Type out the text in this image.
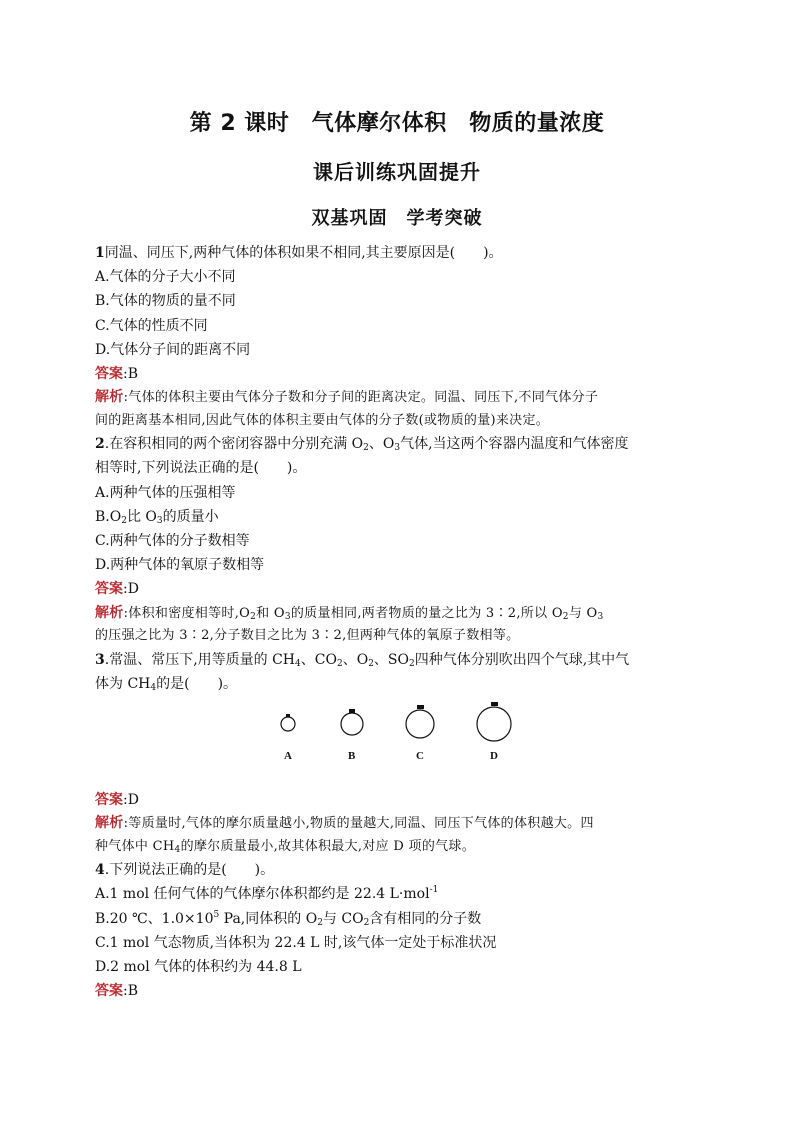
第 2 课时　气体摩尔体积　物质的量浓度
课后训练巩固提升
双基巩固　学考突破
1同温、同压下,两种气体的体积如果不相同,其主要原因是(　　)。
A.气体的分子大小不同
B.气体的物质的量不同
C.气体的性质不同
D.气体分子间的距离不同
答案:B
解析:气体的体积主要由气体分子数和分子间的距离决定。同温、同压下,不同气体分子
间的距离基本相同,因此气体的体积主要由气体的分子数(或物质的量)来决定。
2.在容积相同的两个密闭容器中分别充满 $O_2$、$O_3$气体,当这两个容器内温度和气体密度
相等时,下列说法正确的是(　　)。
A.两种气体的压强相等
$B.O_2$比 $O_3$的质量小
C.两种气体的分子数相等
D.两种气体的氧原子数相等
答案:D
解析:体积和密度相等时$,O_2$和 $O_3$的质量相同,两者物质的量之比为 3∶2,所以 $O_2$与 $O_3$
的压强之比为 3∶2,分子数目之比为 3∶2,但两种气体的氧原子数相等。
3.常温、常压下,用等质量的 $CH_4$、$CO_2$、$O_2$、$SO_2$四种气体分别吹出四个气球,其中气
体为 $CH_4$的是(　　)。
A	B	C	D
答案:D
解析:等质量时,气体的摩尔质量越小,物质的量越大,同温、同压下气体的体积越大。四
种气体中 $CH_4$的摩尔质量最小,故其体积最大,对应 D 项的气球。
4.下列说法正确的是(　　)。
A.1 mol 任何气体的气体摩尔体积都约是 22.4 L·mol$^{-1}$
B.20 ℃、$1.0\times 10^5$ Pa,同体积的 $O_2$与 $CO_2$含有相同的分子数
C.1 mol 气态物质,当体积为 22.4 L 时,该气体一定处于标准状况
D.2 mol 气体的体积约为 44.8 L
答案:B
